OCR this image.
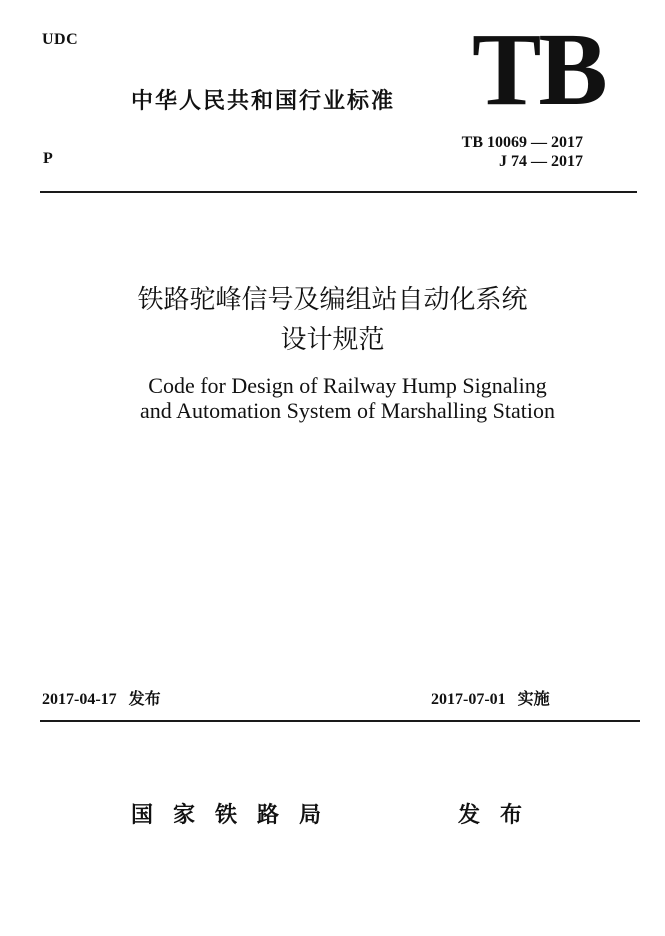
UDC
中华人民共和国行业标准 TB
TB 10069 — 2017
J 74 — 2017
P
铁路驼峰信号及编组站自动化系统
设计规范
Code for Design of Railway Hump Signaling
and Automation System of Marshalling Station
2017-04-17 发布	2017-07-01 实施
国家铁路局	发布
